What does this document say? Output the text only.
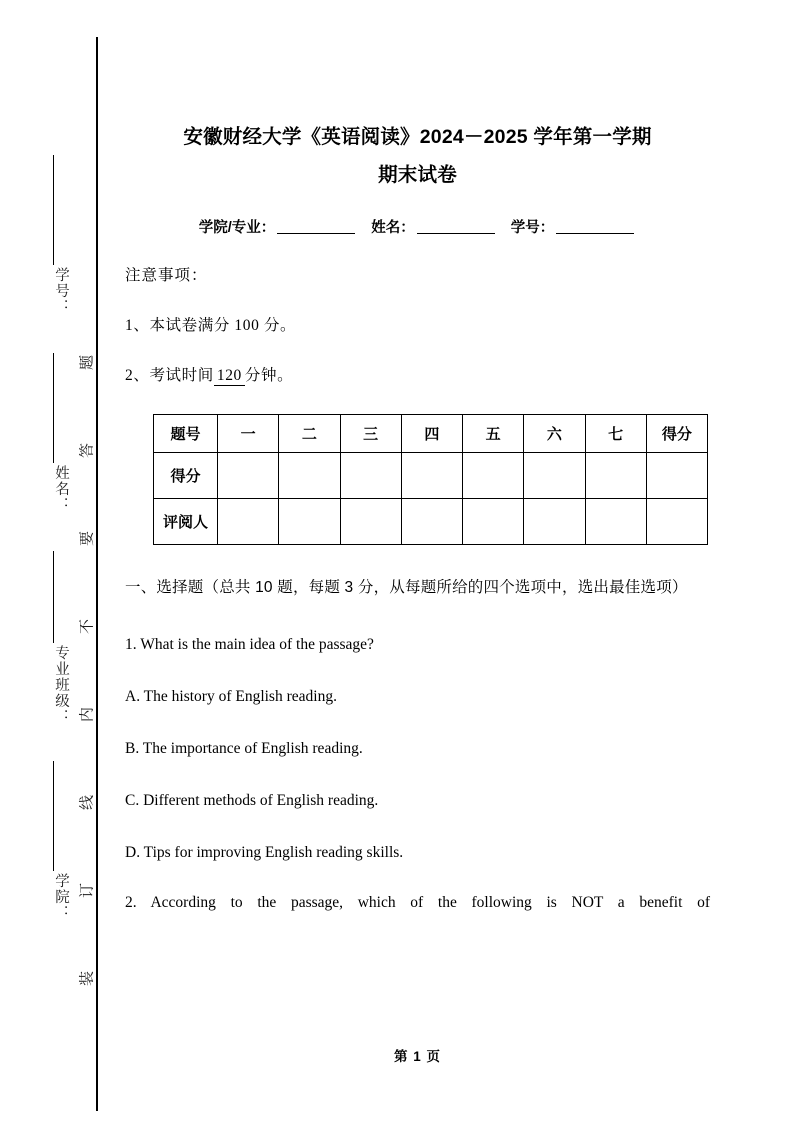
学号：
姓名：
专业班级：
学院：
题
答
要
不
内
线
订
装
安徽财经大学《英语阅读》2024－2025 学年第一学期
期末试卷
学院/专业：	姓名：	学号：

注意事项：

1、本试卷满分 100 分。

2、考试时间 120 分钟。

题号	一	二	三	四	五	六	七	得分
得分								
评阅人								

一、选择题（总共 10 题，每题 3 分，从每题所给的四个选项中，选出最佳选项）

1. What is the main idea of the passage?

A. The history of English reading.

B. The importance of English reading.

C. Different methods of English reading.

D. Tips for improving English reading skills.

2. According to the passage, which of the following is NOT a benefit of

第 1 页
